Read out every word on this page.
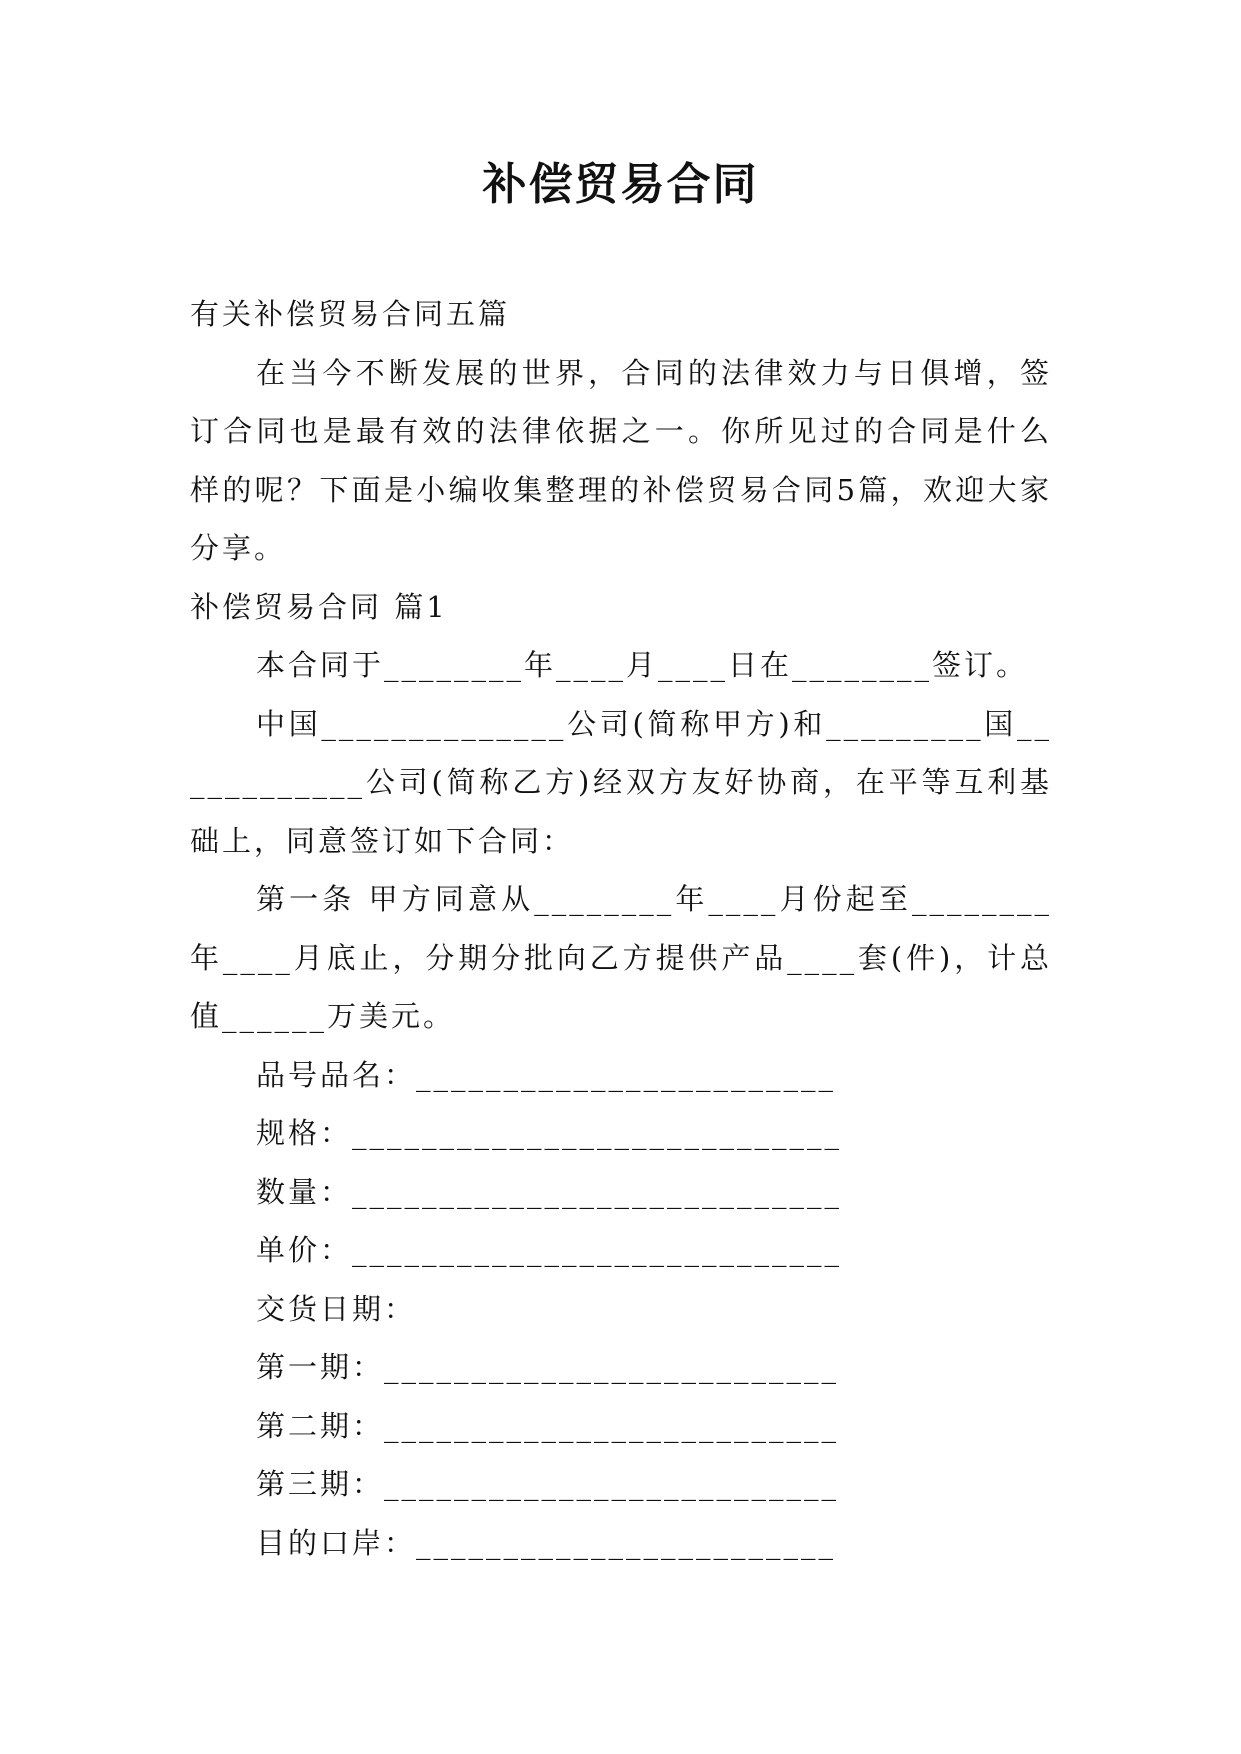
补偿贸易合同

有关补偿贸易合同五篇

在当今不断发展的世界，合同的法律效力与日俱增，签订合同也是最有效的法律依据之一。你所见过的合同是什么样的呢？下面是小编收集整理的补偿贸易合同5篇，欢迎大家分享。

补偿贸易合同 篇1

本合同于________年____月____日在________签订。

中国______________公司(简称甲方)和_________国____________公司(简称乙方)经双方友好协商，在平等互利基础上，同意签订如下合同：

第一条 甲方同意从________年____月份起至________年____月底止，分期分批向乙方提供产品____套(件)，计总值______万美元。

品号品名：________________________

规格：____________________________

数量：____________________________

单价：____________________________

交货日期：

第一期：__________________________

第二期：__________________________

第三期：__________________________

目的口岸：________________________
